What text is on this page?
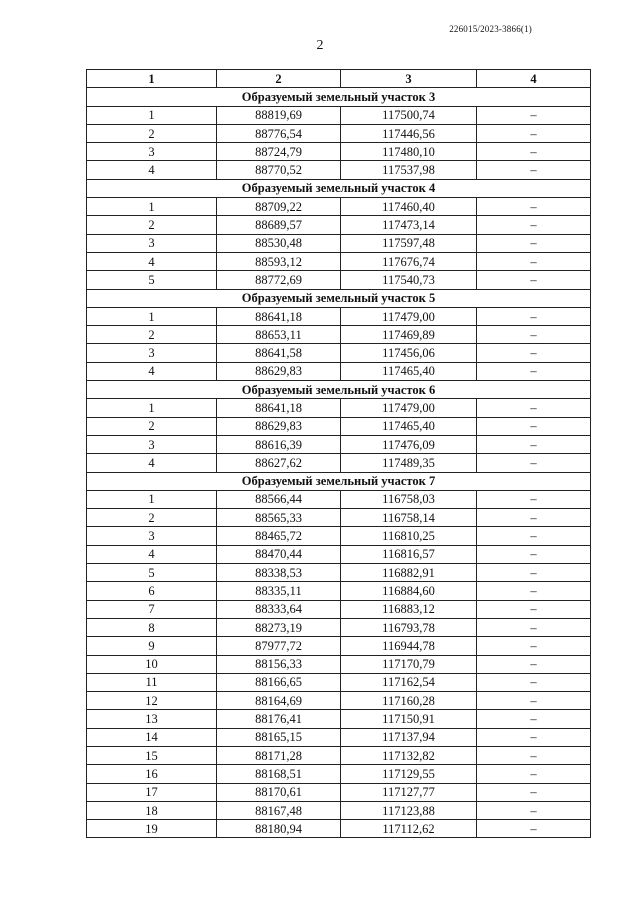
226015/2023-3866(1)
2
1	2	3	4
Образуемый земельный участок 3			
1	88819,69	117500,74	–
2	88776,54	117446,56	–
3	88724,79	117480,10	–
4	88770,52	117537,98	–
Образуемый земельный участок 4			
1	88709,22	117460,40	–
2	88689,57	117473,14	–
3	88530,48	117597,48	–
4	88593,12	117676,74	–
5	88772,69	117540,73	–
Образуемый земельный участок 5			
1	88641,18	117479,00	–
2	88653,11	117469,89	–
3	88641,58	117456,06	–
4	88629,83	117465,40	–
Образуемый земельный участок 6			
1	88641,18	117479,00	–
2	88629,83	117465,40	–
3	88616,39	117476,09	–
4	88627,62	117489,35	–
Образуемый земельный участок 7			
1	88566,44	116758,03	–
2	88565,33	116758,14	–
3	88465,72	116810,25	–
4	88470,44	116816,57	–
5	88338,53	116882,91	–
6	88335,11	116884,60	–
7	88333,64	116883,12	–
8	88273,19	116793,78	–
9	87977,72	116944,78	–
10	88156,33	117170,79	–
11	88166,65	117162,54	–
12	88164,69	117160,28	–
13	88176,41	117150,91	–
14	88165,15	117137,94	–
15	88171,28	117132,82	–
16	88168,51	117129,55	–
17	88170,61	117127,77	–
18	88167,48	117123,88	–
19	88180,94	117112,62	–
